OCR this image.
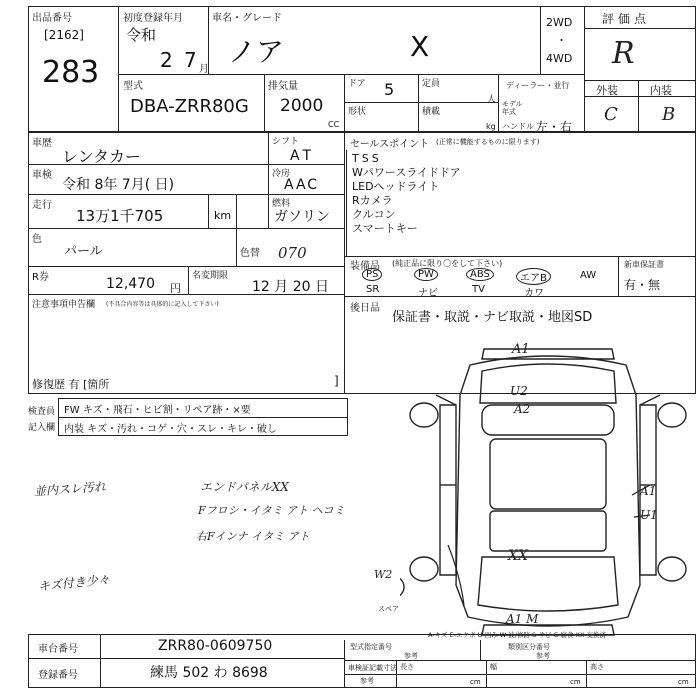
出品番号
[2162]
283
初度登録年月
令和
2 7 月
車名・グレード
ノア	X
2WD
・
4WD
評価点
R
外装	内装
C B
型式
DBA-ZRR80G
排気量
2000
CC
ドア 5	定員
人
ディーラー・並行
形状	積載
kg
モデル年式
ハンドル 左・右
車歴
レンタカー
シフト
AT
車検
令和 8年 7月( 日)
冷房
AAC
走行
13万1千705	km
燃料
ガソリン
色
パール	色替 070
R券	12,470 円
名変期限
12 月 20 日
注意事項申告欄 (不具合内容等は具体的に記入して下さい)
修復歴 有 [箇所	]
セールスポイント (正常に機能するものに限ります)
TSS
Wパワースライドドア
LEDヘッドライト
Rカメラ
クルコン
スマートキー
装備品 (純正品に限り〇をして下さい)
PS	PW	ABS	エアB	AW
SR	ナビ	TV	カワ
新車保証書
有・無
後日品
保証書・取説・ナビ取説・地図SD
検査員
記入欄
FW キズ・飛石・ヒビ割・リペア跡・×要
内装 キズ・汚れ・コゲ・穴・スレ・キレ・破し
並内スレ汚れ
キズ付き少々
エンドパネルXX
Fフロシ・イタミ アト ヘコミ
右Fインナ イタミ アト
A1
U2
A2
A1
U1
XX
W2
A1 M
スペア
A-キズ E-エクボ U-凹み W-波/修跡 S-サビ C-腐食 XX-交換済
車台番号	ZRR80-0609750
登録番号	練馬 502 わ 8698
型式指定番号
参考
類別区分番号
参考
車検証記載寸法
参考
長さ	幅	高さ
cm	cm	cm
